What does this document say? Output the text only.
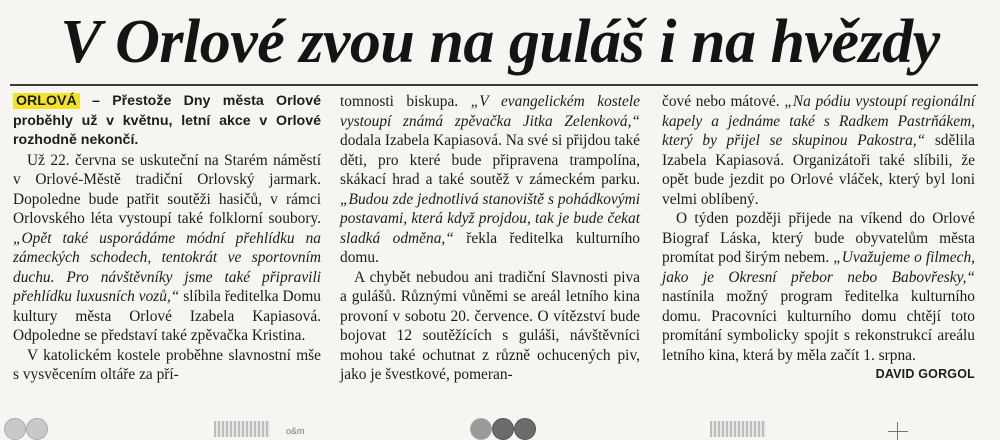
V Orlové zvou na guláš i na hvězdy

ORLOVÁ – Přestože Dny města Orlové proběhly už v květnu, letní akce v Orlové rozhodně nekončí.

Už 22. června se uskuteční na Starém náměstí v Orlové-Městě tradiční Orlovský jarmark. Dopoledne bude patřit soutěži hasičů, v rámci Orlovského léta vystoupí také folklorní soubory. „Opět také usporádáme módní přehlídku na zámeckých schodech, tentokrát ve sportovním duchu. Pro návštěvníky jsme také připravili přehlídku luxusních vozů,“ slíbila ředitelka Domu kultury města Orlové Izabela Kapiasová. Odpoledne se představí také zpěvačka Kristina.

V katolickém kostele proběhne slavnostní mše s vysvěcením oltáře za pří-

tomnosti biskupa. „V evangelickém kostele vystoupí známá zpěvačka Jitka Zelenková,“ dodala Izabela Kapiasová. Na své si přijdou také děti, pro které bude připravena trampolína, skákací hrad a také soutěž v zámeckém parku. „Budou zde jednotlivá stanoviště s pohádkovými postavami, která když projdou, tak je bude čekat sladká odměna,“ řekla ředitelka kulturního domu.

A chybět nebudou ani tradiční Slavnosti piva a gulášů. Různými vůněmi se areál letního kina provoní v sobotu 20. července. O vítězství bude bojovat 12 soutěžících s guláši, návštěvníci mohou také ochutnat z různě ochucených piv, jako je švestkové, pomeran-

čové nebo mátové. „Na pódiu vystoupí regionální kapely a jednáme také s Radkem Pastrňákem, který by přijel se skupinou Pakostra,“ sdělila Izabela Kapiasová. Organizátoři také slíbili, že opět bude jezdit po Orlové vláček, který byl loni velmi oblíbený.

O týden později přijede na víkend do Orlové Biograf Láska, který bude obyvatelům města promítat pod širým nebem. „Uvažujeme o filmech, jako je Okresní přebor nebo Babovřesky,“ nastínila možný program ředitelka kulturního domu. Pracovníci kulturního domu chtějí toto promítání symbolicky spojit s rekonstrukcí areálu letního kina, která by měla začít 1. srpna.
DAVID GORGOL

o&m
